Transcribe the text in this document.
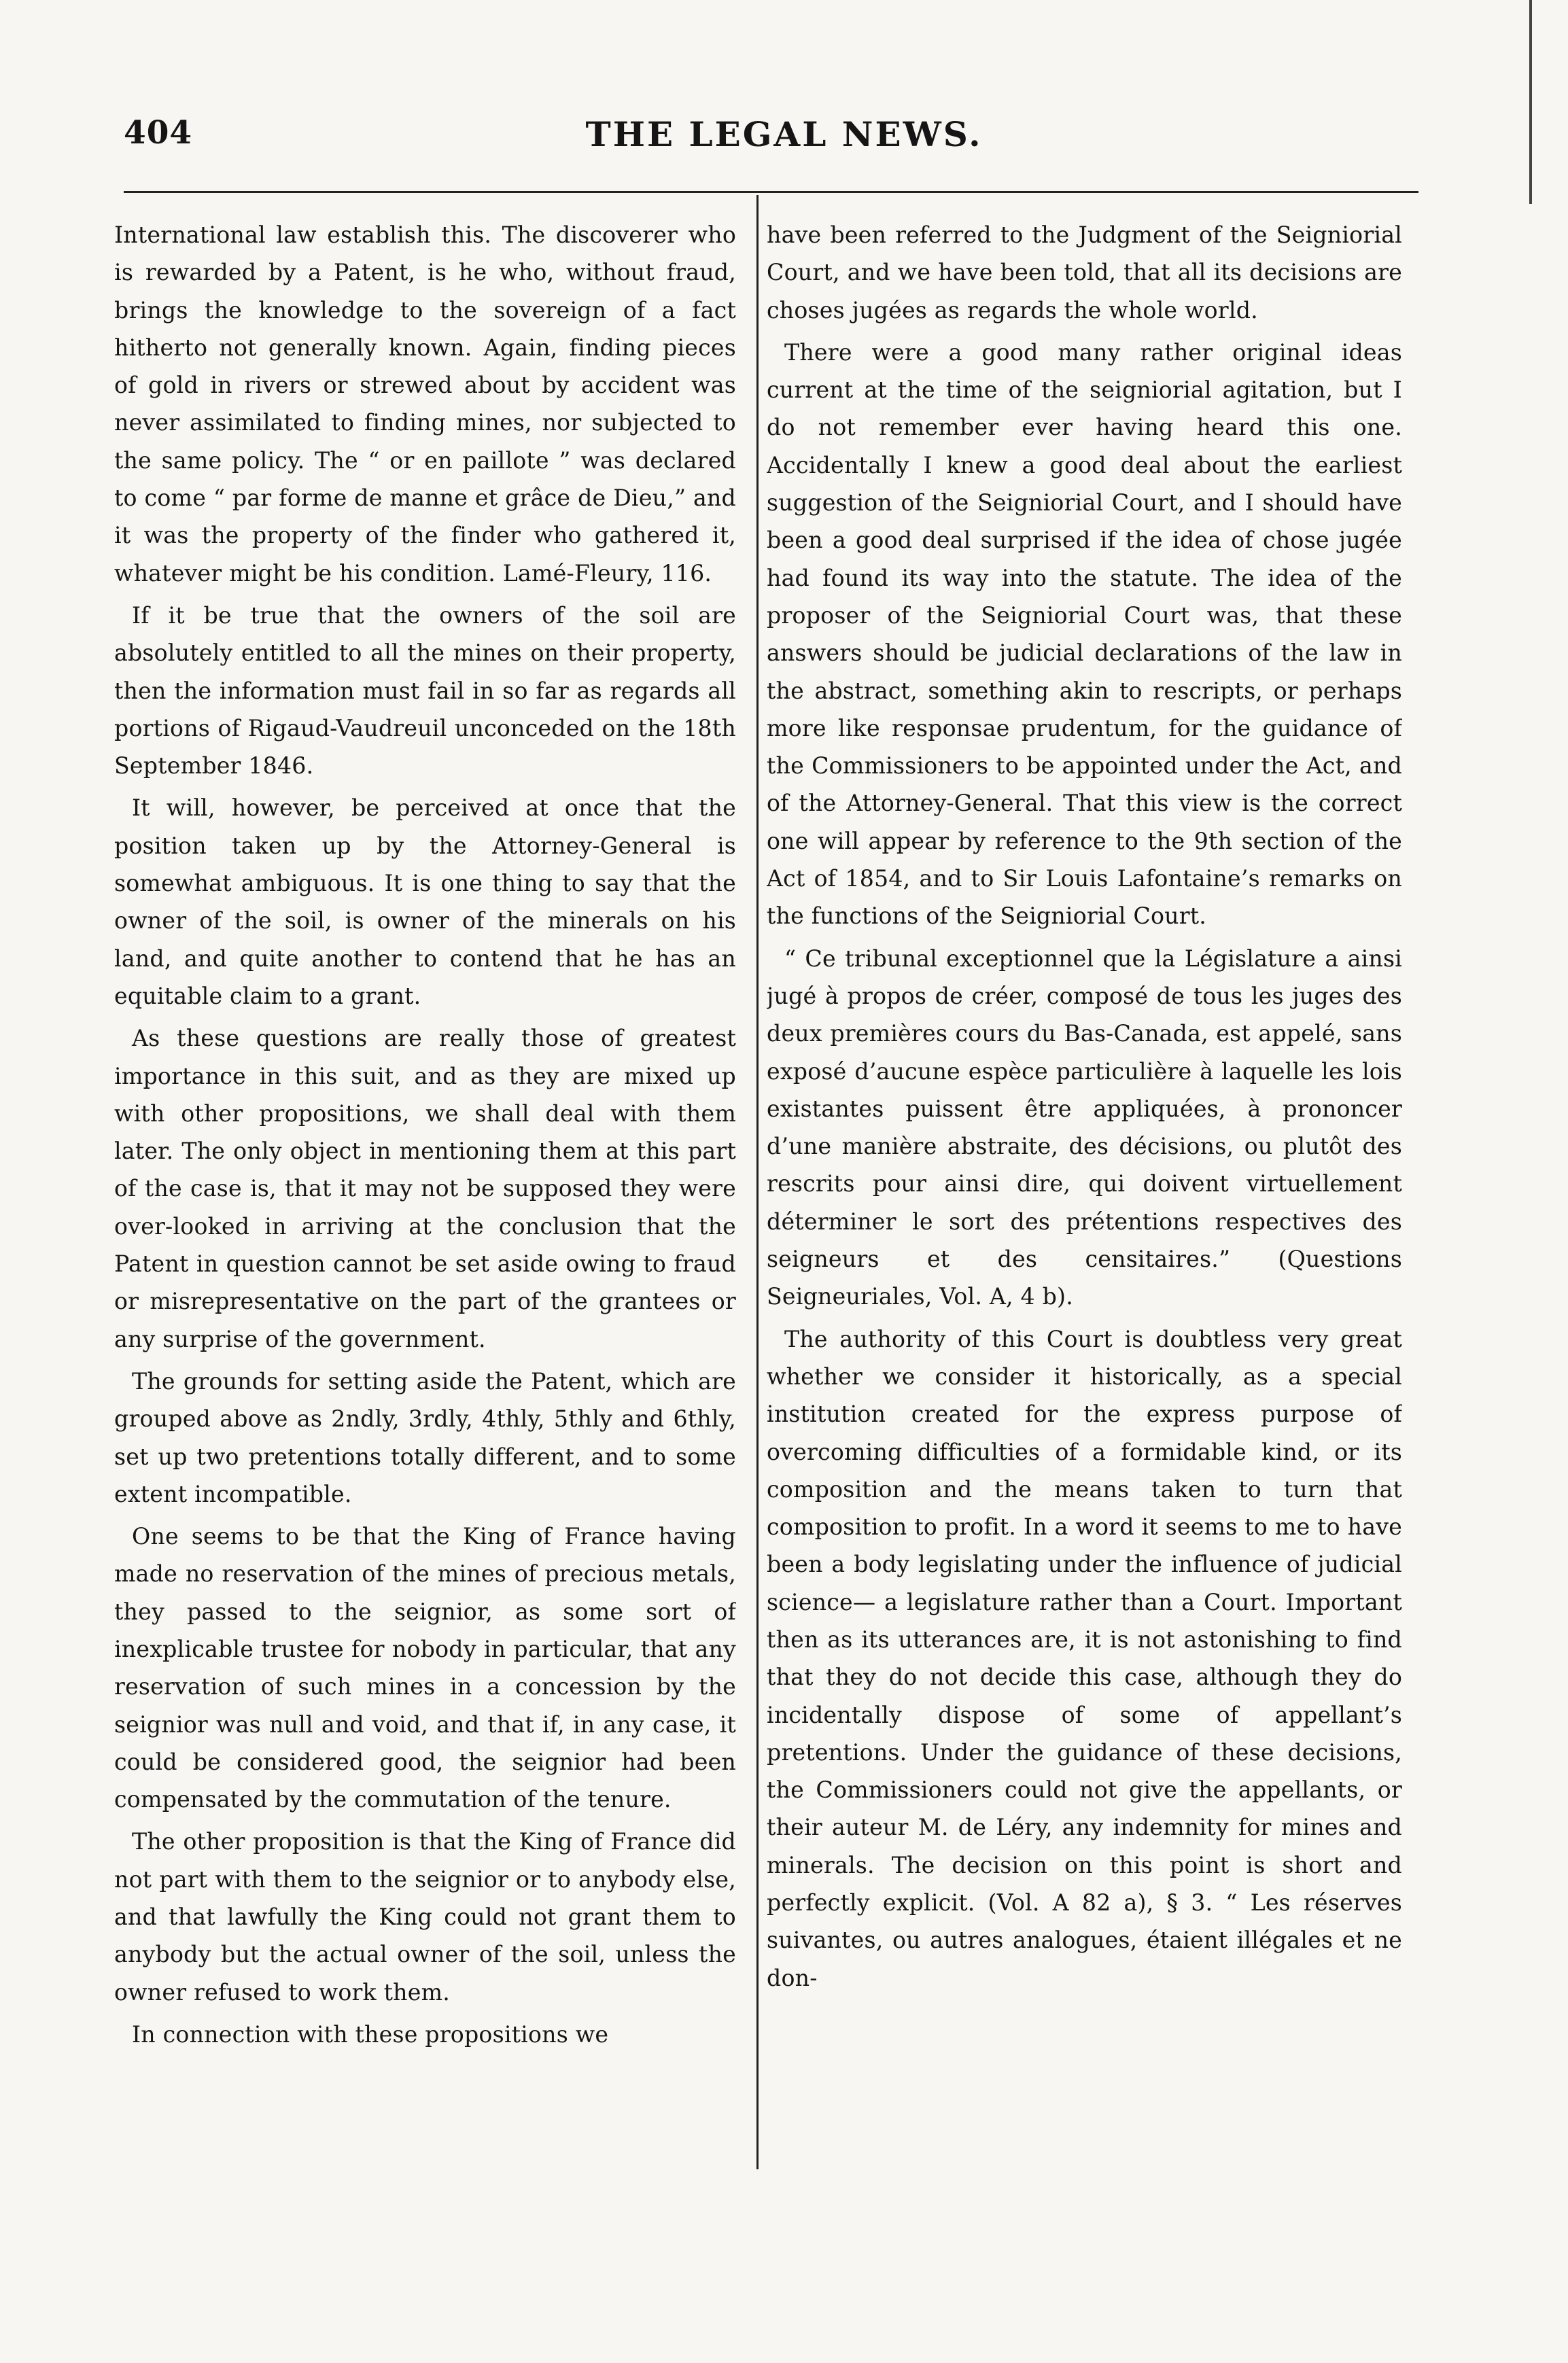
404	THE LEGAL NEWS.

International law establish this. The discoverer who is rewarded by a Patent, is he who, without fraud, brings the knowledge to the sovereign of a fact hitherto not generally known. Again, finding pieces of gold in rivers or strewed about by accident was never assimilated to finding mines, nor subjected to the same policy. The “ or en paillote ” was declared to come “ par forme de manne et grâce de Dieu,” and it was the property of the finder who gathered it, whatever might be his condition. Lamé-Fleury, 116.

If it be true that the owners of the soil are absolutely entitled to all the mines on their property, then the information must fail in so far as regards all portions of Rigaud-Vaudreuil unconceded on the 18th September 1846.

It will, however, be perceived at once that the position taken up by the Attorney-General is somewhat ambiguous. It is one thing to say that the owner of the soil, is owner of the minerals on his land, and quite another to contend that he has an equitable claim to a grant.

As these questions are really those of greatest importance in this suit, and as they are mixed up with other propositions, we shall deal with them later. The only object in mentioning them at this part of the case is, that it may not be supposed they were over-looked in arriving at the conclusion that the Patent in question cannot be set aside owing to fraud or misrepresentative on the part of the grantees or any surprise of the government.

The grounds for setting aside the Patent, which are grouped above as 2ndly, 3rdly, 4thly, 5thly and 6thly, set up two pretentions totally different, and to some extent incompatible.

One seems to be that the King of France having made no reservation of the mines of precious metals, they passed to the seignior, as some sort of inexplicable trustee for nobody in particular, that any reservation of such mines in a concession by the seignior was null and void, and that if, in any case, it could be considered good, the seignior had been compensated by the commutation of the tenure.

The other proposition is that the King of France did not part with them to the seignior or to anybody else, and that lawfully the King could not grant them to anybody but the actual owner of the soil, unless the owner refused to work them.

In connection with these propositions we

have been referred to the Judgment of the Seigniorial Court, and we have been told, that all its decisions are choses jugées as regards the whole world.

There were a good many rather original ideas current at the time of the seigniorial agitation, but I do not remember ever having heard this one. Accidentally I knew a good deal about the earliest suggestion of the Seigniorial Court, and I should have been a good deal surprised if the idea of chose jugée had found its way into the statute. The idea of the proposer of the Seigniorial Court was, that these answers should be judicial declarations of the law in the abstract, something akin to rescripts, or perhaps more like responsae prudentum, for the guidance of the Commissioners to be appointed under the Act, and of the Attorney-General. That this view is the correct one will appear by reference to the 9th section of the Act of 1854, and to Sir Louis Lafontaine’s remarks on the functions of the Seigniorial Court.

“ Ce tribunal exceptionnel que la Législature a ainsi jugé à propos de créer, composé de tous les juges des deux premières cours du Bas-Canada, est appelé, sans exposé d’aucune espèce particulière à laquelle les lois existantes puissent être appliquées, à prononcer d’une manière abstraite, des décisions, ou plutôt des rescrits pour ainsi dire, qui doivent virtuellement déterminer le sort des prétentions respectives des seigneurs et des censitaires.” (Questions Seigneuriales, Vol. A, 4 b).

The authority of this Court is doubtless very great whether we consider it historically, as a special institution created for the express purpose of overcoming difficulties of a formidable kind, or its composition and the means taken to turn that composition to profit. In a word it seems to me to have been a body legislating under the influence of judicial science— a legislature rather than a Court. Important then as its utterances are, it is not astonishing to find that they do not decide this case, although they do incidentally dispose of some of appellant’s pretentions. Under the guidance of these decisions, the Commissioners could not give the appellants, or their auteur M. de Léry, any indemnity for mines and minerals. The decision on this point is short and perfectly explicit. (Vol. A 82 a), § 3. “ Les réserves suivantes, ou autres analogues, étaient illégales et ne don-
